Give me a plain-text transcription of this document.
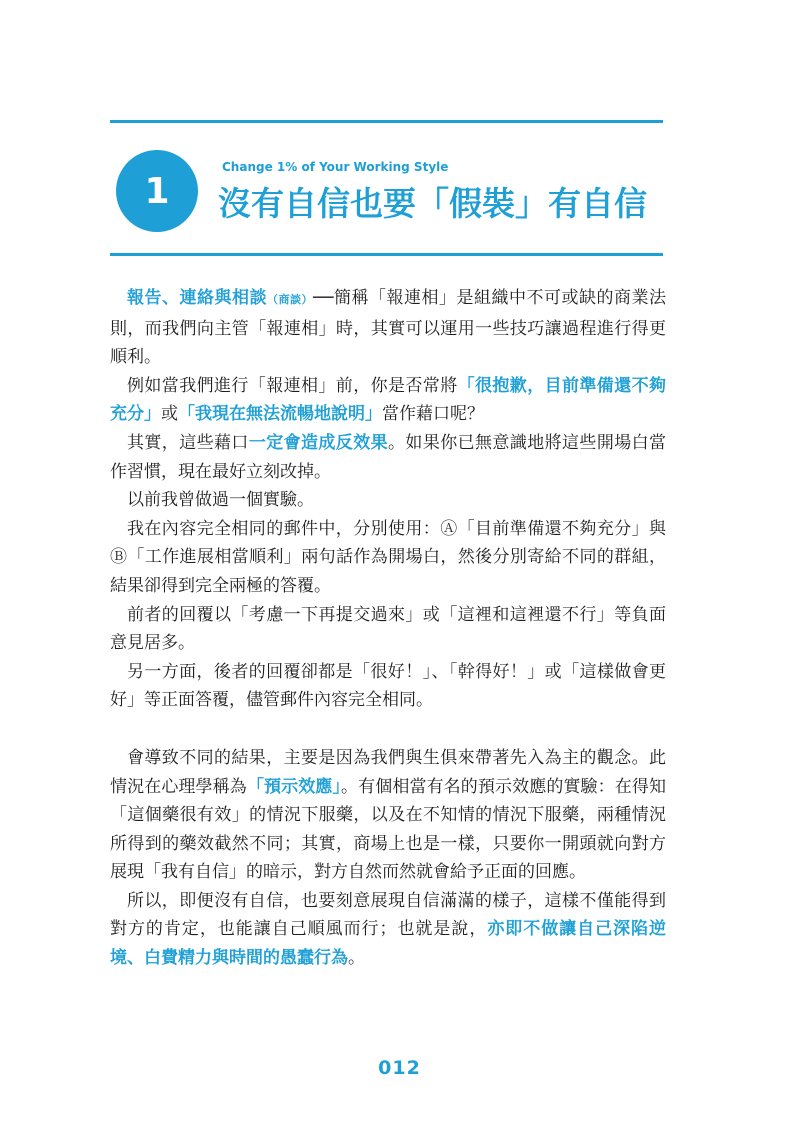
1
Change 1% of Your Working Style
沒有自信也要「假裝」有自信

報告、連絡與相談（商談）──簡稱「報連相」是組織中不可或缺的商業法則，而我們向主管「報連相」時，其實可以運用一些技巧讓過程進行得更順利。

例如當我們進行「報連相」前，你是否常將「很抱歉，目前準備還不夠充分」或「我現在無法流暢地說明」當作藉口呢？

其實，這些藉口一定會造成反效果。如果你已無意識地將這些開場白當作習慣，現在最好立刻改掉。

以前我曾做過一個實驗。

我在內容完全相同的郵件中，分別使用：Ⓐ「目前準備還不夠充分」與Ⓑ「工作進展相當順利」兩句話作為開場白，然後分別寄給不同的群組，結果卻得到完全兩極的答覆。

前者的回覆以「考慮一下再提交過來」或「這裡和這裡還不行」等負面意見居多。

另一方面，後者的回覆卻都是「很好！」、「幹得好！」或「這樣做會更好」等正面答覆，儘管郵件內容完全相同。

會導致不同的結果，主要是因為我們與生俱來帶著先入為主的觀念。此情況在心理學稱為「預示效應」。有個相當有名的預示效應的實驗：在得知「這個藥很有效」的情況下服藥，以及在不知情的情況下服藥，兩種情況所得到的藥效截然不同；其實，商場上也是一樣，只要你一開頭就向對方展現「我有自信」的暗示，對方自然而然就會給予正面的回應。

所以，即便沒有自信，也要刻意展現自信滿滿的樣子，這樣不僅能得到對方的肯定，也能讓自己順風而行；也就是說，亦即不做讓自己深陷逆境、白費精力與時間的愚蠢行為。

012
